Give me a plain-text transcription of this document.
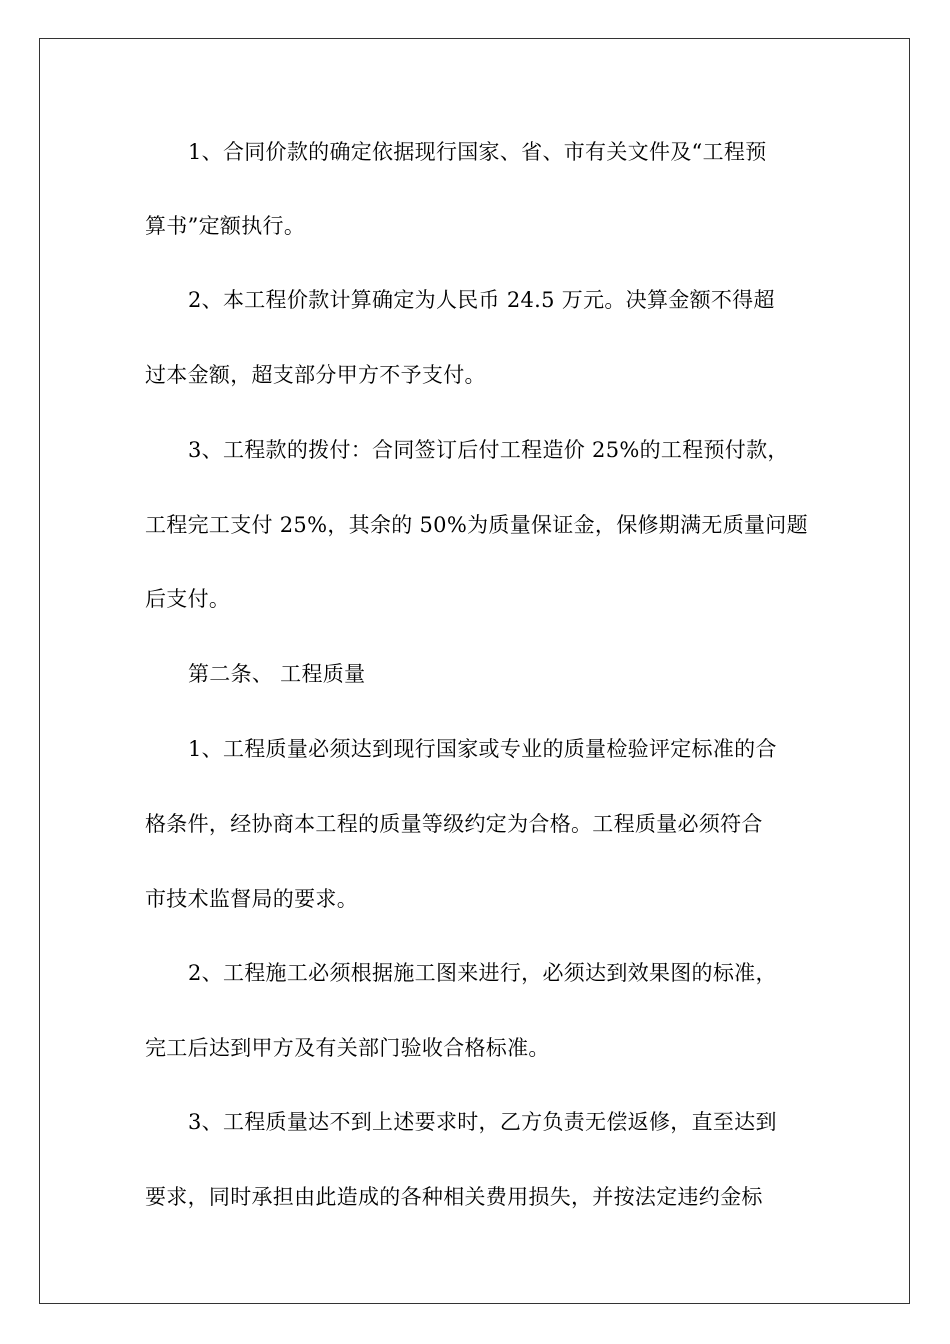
1、合同价款的确定依据现行国家、省、市有关文件及“工程预
算书”定额执行。
2、本工程价款计算确定为人民币 24.5 万元。决算金额不得超
过本金额，超支部分甲方不予支付。
3、工程款的拨付：合同签订后付工程造价 25%的工程预付款，
工程完工支付 25%，其余的 50%为质量保证金，保修期满无质量问题
后支付。
第二条、 工程质量
1、工程质量必须达到现行国家或专业的质量检验评定标准的合
格条件，经协商本工程的质量等级约定为合格。工程质量必须符合
市技术监督局的要求。
2、工程施工必须根据施工图来进行，必须达到效果图的标准，
完工后达到甲方及有关部门验收合格标准。
3、工程质量达不到上述要求时，乙方负责无偿返修，直至达到
要求，同时承担由此造成的各种相关费用损失，并按法定违约金标
